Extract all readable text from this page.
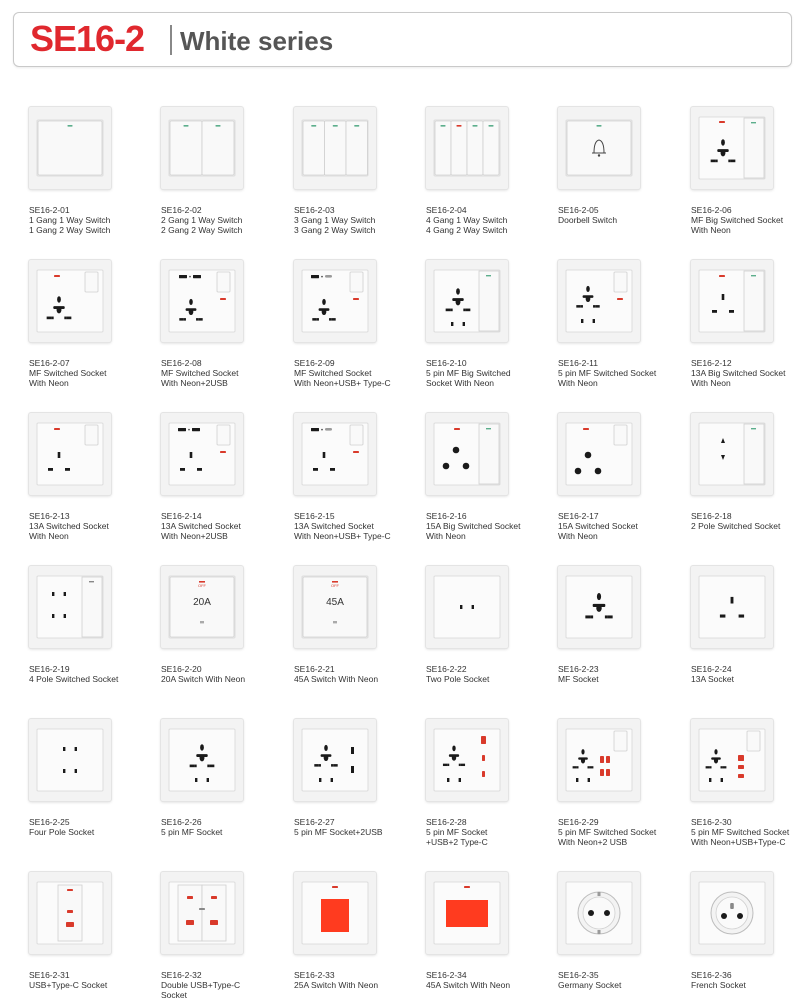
SE16-2 White series
SE16-2-01
1 Gang 1 Way Switch
1 Gang 2 Way Switch
SE16-2-02
2 Gang 1 Way Switch
2 Gang 2 Way Switch
SE16-2-03
3 Gang 1 Way Switch
3 Gang 2 Way Switch
SE16-2-04
4 Gang 1 Way Switch
4 Gang 2 Way Switch
SE16-2-05
Doorbell Switch
SE16-2-06
MF Big Switched Socket
With Neon
SE16-2-07
MF Switched Socket
With Neon
SE16-2-08
MF Switched Socket
With Neon+2USB
SE16-2-09
MF Switched Socket
With Neon+USB+ Type-C
SE16-2-10
5 pin MF Big Switched
Socket With Neon
SE16-2-11
5 pin MF Switched Socket
With Neon
SE16-2-12
13A Big Switched Socket
With Neon
SE16-2-13
13A Switched Socket
With Neon
SE16-2-14
13A Switched Socket
With Neon+2USB
SE16-2-15
13A Switched Socket
With Neon+USB+ Type-C
SE16-2-16
15A Big Switched Socket
With Neon
SE16-2-17
15A Switched Socket
With Neon
SE16-2-18
2 Pole Switched Socket
SE16-2-19
4 Pole Switched Socket
20A
OFF
SE16-2-20
20A Switch With Neon
45A
OFF
SE16-2-21
45A Switch With Neon
SE16-2-22
Two Pole Socket
SE16-2-23
MF Socket
SE16-2-24
13A Socket
SE16-2-25
Four Pole Socket
SE16-2-26
5 pin MF Socket
SE16-2-27
5 pin MF Socket+2USB
SE16-2-28
5 pin MF Socket
+USB+2 Type-C
SE16-2-29
5 pin MF Switched Socket
With Neon+2 USB
SE16-2-30
5 pin MF Switched Socket
With Neon+USB+Type-C
SE16-2-31
USB+Type-C Socket
SE16-2-32
Double USB+Type-C
Socket
SE16-2-33
25A Switch With Neon
SE16-2-34
45A Switch With Neon
SE16-2-35
Germany Socket
SE16-2-36
French Socket
